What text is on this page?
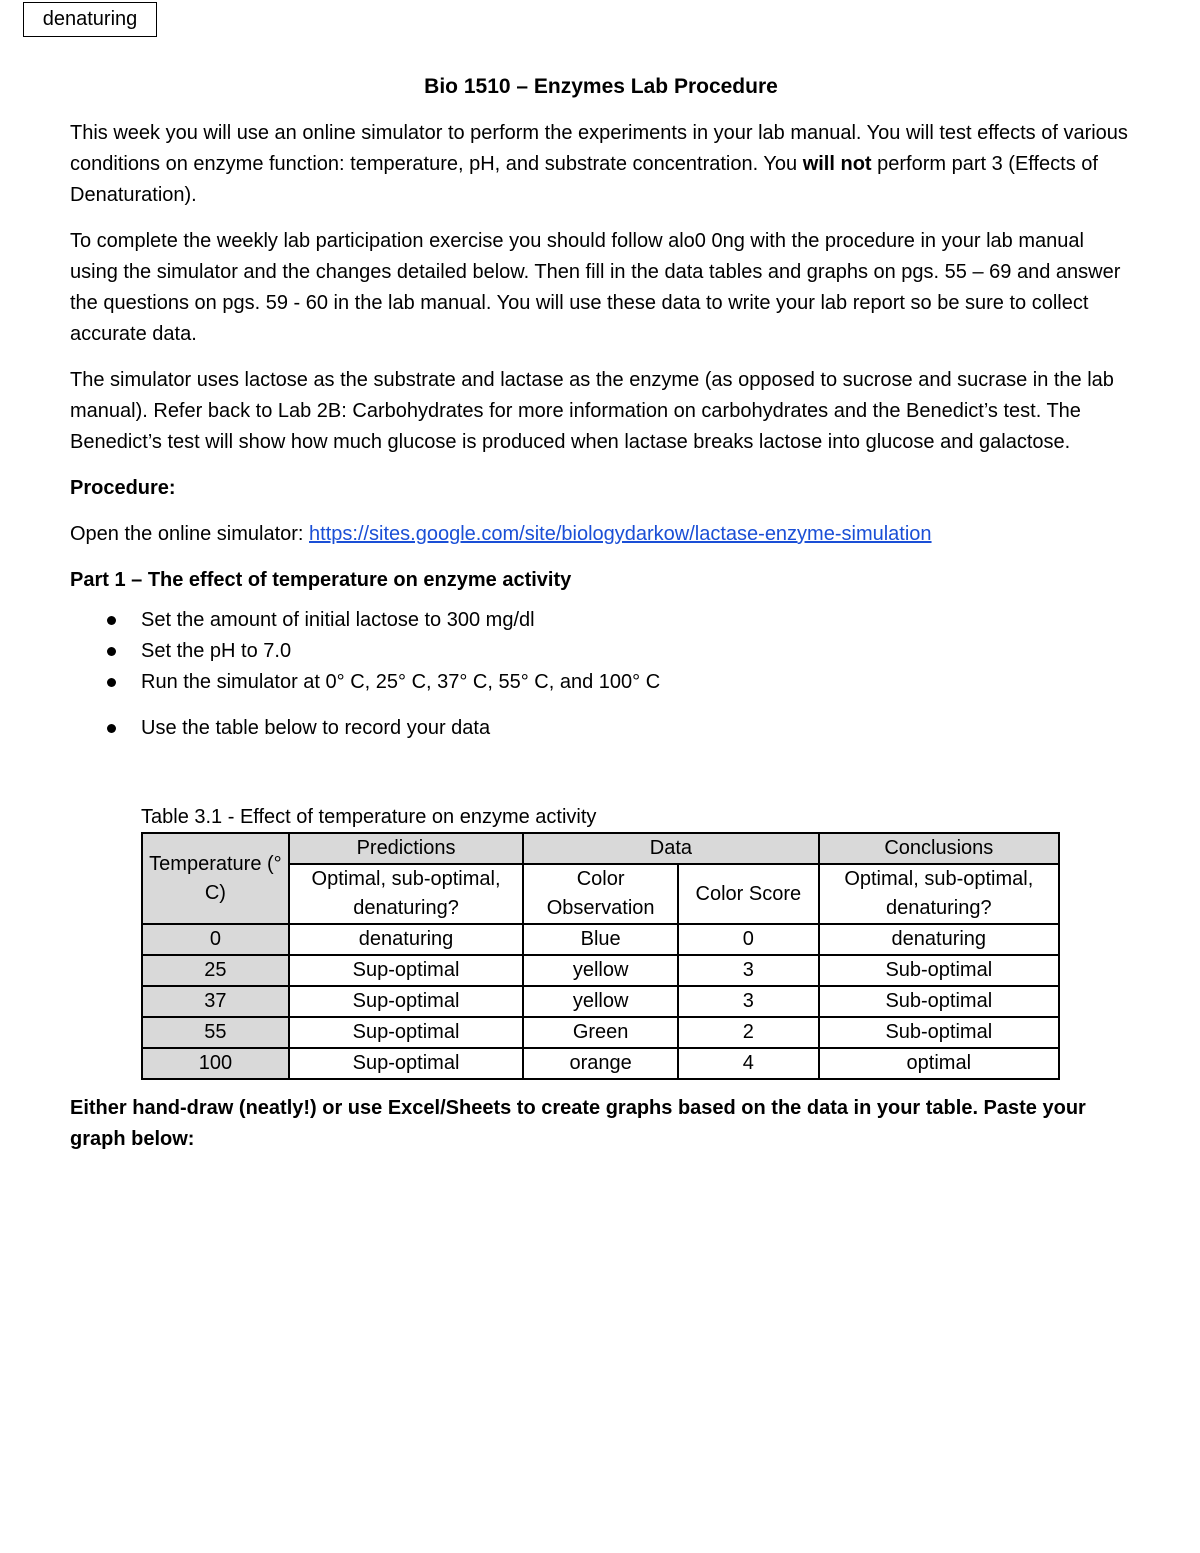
denaturing
Bio 1510 – Enzymes Lab Procedure

This week you will use an online simulator to perform the experiments in your lab manual. You will test effects of various conditions on enzyme function: temperature, pH, and substrate concentration. You will not perform part 3 (Effects of Denaturation).

To complete the weekly lab participation exercise you should follow alo0 0ng with the procedure in your lab manual using the simulator and the changes detailed below. Then fill in the data tables and graphs on pgs. 55 – 69 and answer the questions on pgs. 59 - 60 in the lab manual. You will use these data to write your lab report so be sure to collect accurate data.

The simulator uses lactose as the substrate and lactase as the enzyme (as opposed to sucrose and sucrase in the lab manual). Refer back to Lab 2B: Carbohydrates for more information on carbohydrates and the Benedict’s test. The Benedict’s test will show how much glucose is produced when lactase breaks lactose into glucose and galactose.

Procedure:

Open the online simulator: https://sites.google.com/site/biologydarkow/lactase-enzyme-simulation

Part 1 – The effect of temperature on enzyme activity

Set the amount of initial lactose to 300 mg/dl
Set the pH to 7.0
Run the simulator at 0° C, 25° C, 37° C, 55° C, and 100° C
Use the table below to record your data
Table 3.1 - Effect of temperature on enzyme activity
Temperature (° C)	Predictions	Data		Conclusions
	Optimal, sub-optimal, denaturing?	Color Observation	Color Score	Optimal, sub-optimal, denaturing?
0	denaturing	Blue	0	denaturing
25	Sup-optimal	yellow	3	Sub-optimal
37	Sup-optimal	yellow	3	Sub-optimal
55	Sup-optimal	Green	2	Sub-optimal
100	Sup-optimal	orange	4	optimal
Either hand-draw (neatly!) or use Excel/Sheets to create graphs based on the data in your table. Paste your graph below:
